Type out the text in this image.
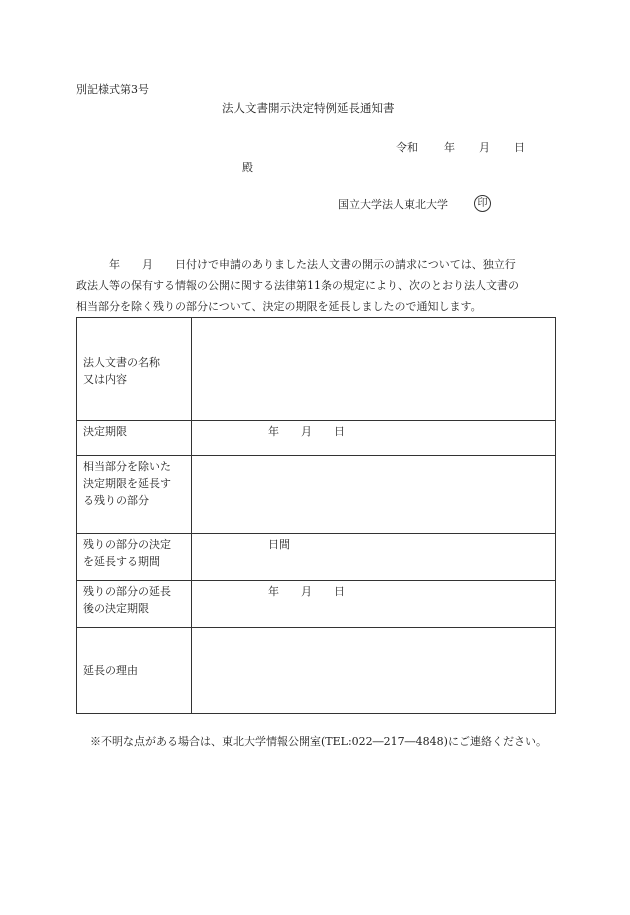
別記様式第3号
法人文書開示決定特例延長通知書
令和 年 月 日
殿
国立大学法人東北大学	印
　　　年　　月　　日付けで申請のありました法人文書の開示の請求については、独立行
政法人等の保有する情報の公開に関する法律第11条の規定により、次のとおり法人文書の
相当部分を除く残りの部分について、決定の期限を延長しましたので通知します。
法人文書の名称
又は内容	

決定期限	年　　月　　日

相当部分を除いた
決定期限を延長す
る残りの部分	

残りの部分の決定
を延長する期間	日間

残りの部分の延長
後の決定期限	年　　月　　日

延長の理由	

※不明な点がある場合は、東北大学情報公開室(TEL:022―217―4848)にご連絡ください。
